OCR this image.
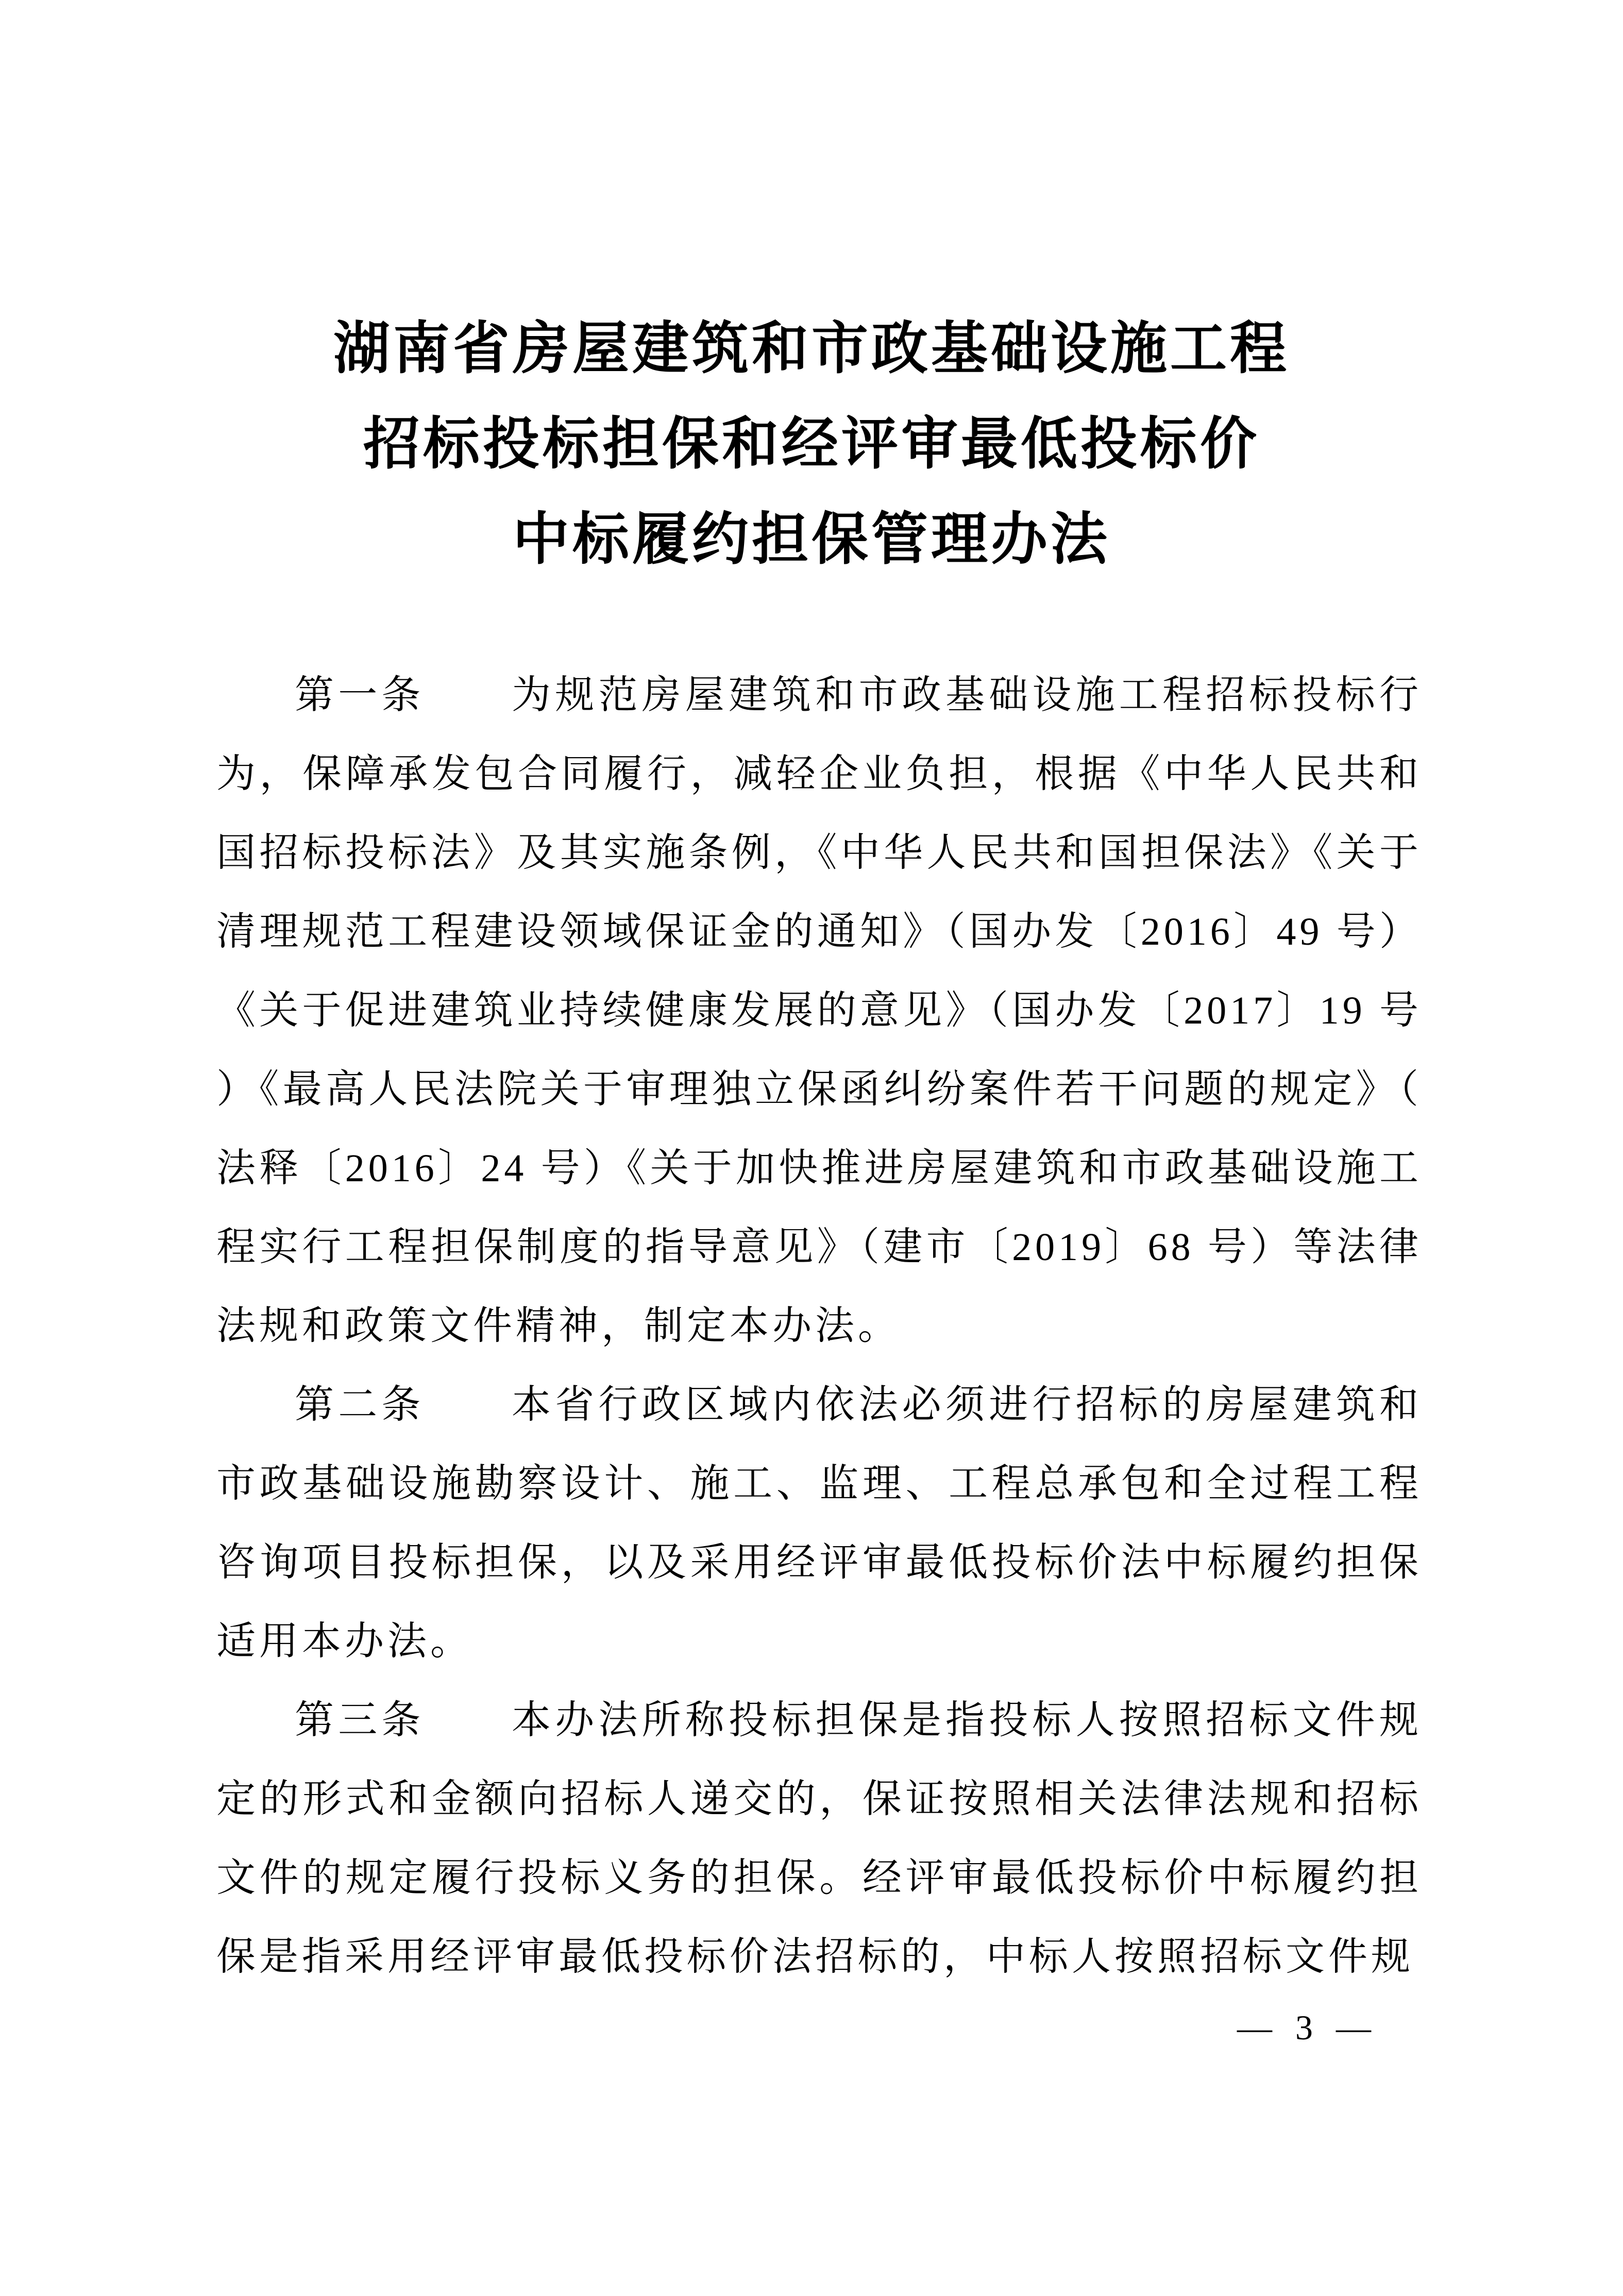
湖南省房屋建筑和市政基础设施工程
招标投标担保和经评审最低投标价
中标履约担保管理办法

第一条　　为规范房屋建筑和市政基础设施工程招标投标行为，保障承发包合同履行，减轻企业负担，根据《中华人民共和国招标投标法》及其实施条例，《中华人民共和国担保法》《关于清理规范工程建设领域保证金的通知》（国办发〔2016〕49 号）《关于促进建筑业持续健康发展的意见》（国办发〔2017〕19 号）《最高人民法院关于审理独立保函纠纷案件若干问题的规定》（法释〔2016〕24 号）《关于加快推进房屋建筑和市政基础设施工程实行工程担保制度的指导意见》（建市〔2019〕68 号）等法律法规和政策文件精神，制定本办法。

第二条　　本省行政区域内依法必须进行招标的房屋建筑和市政基础设施勘察设计、施工、监理、工程总承包和全过程工程咨询项目投标担保，以及采用经评审最低投标价法中标履约担保适用本办法。

第三条　　本办法所称投标担保是指投标人按照招标文件规定的形式和金额向招标人递交的，保证按照相关法律法规和招标文件的规定履行投标义务的担保。经评审最低投标价中标履约担保是指采用经评审最低投标价法招标的，中标人按照招标文件规

— 3 —
